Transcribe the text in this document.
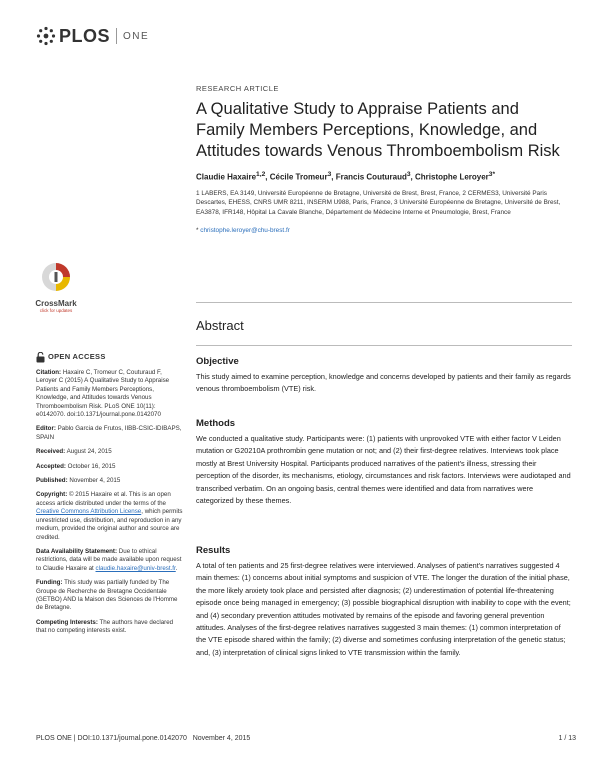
PLOS ONE
CrossMark
click for updates
OPEN ACCESS

Citation: Haxaire C, Tromeur C, Couturaud F, Leroyer C (2015) A Qualitative Study to Appraise Patients and Family Members Perceptions, Knowledge, and Attitudes towards Venous Thromboembolism Risk. PLoS ONE 10(11): e0142070. doi:10.1371/journal.pone.0142070

Editor: Pablo Garcia de Frutos, IIBB-CSIC-IDIBAPS, SPAIN

Received: August 24, 2015

Accepted: October 16, 2015

Published: November 4, 2015

Copyright: © 2015 Haxaire et al. This is an open access article distributed under the terms of the Creative Commons Attribution License, which permits unrestricted use, distribution, and reproduction in any medium, provided the original author and source are credited.

Data Availability Statement: Due to ethical restrictions, data will be made available upon request to Claudie Haxaire at claudie.haxaire@univ-brest.fr.

Funding: This study was partially funded by The Groupe de Recherche de Bretagne Occidentale (GETBO) AND la Maison des Sciences de l'Homme de Bretagne.

Competing Interests: The authors have declared that no competing interests exist.

RESEARCH ARTICLE
A Qualitative Study to Appraise Patients and Family Members Perceptions, Knowledge, and Attitudes towards Venous Thromboembolism Risk
Claudie Haxaire$^{1,2}$, Cécile Tromeur$^3$, Francis Couturaud$^3$, Christophe Leroyer$^{3*}$
1 LABERS, EA 3149, Université Européenne de Bretagne, Université de Brest, Brest, France, 2 CERMES3, Université Paris Descartes, EHESS, CNRS UMR 8211, INSERM U988, Paris, France, 3 Université Européenne de Bretagne, Université de Brest, EA3878, IFR148, Hôpital La Cavale Blanche, Département de Médecine Interne et Pneumologie, Brest, France
* christophe.leroyer@chu-brest.fr
Abstract
Objective

This study aimed to examine perception, knowledge and concerns developed by patients and their family as regards venous thromboembolism (VTE) risk.

Methods

We conducted a qualitative study. Participants were: (1) patients with unprovoked VTE with either factor V Leiden mutation or G20210A prothrombin gene mutation or not; and (2) their first-degree relatives. Interviews took place mostly at Brest University Hospital. Participants produced narratives of the patient's illness, stressing their perception of the disorder, its mechanisms, etiology, circumstances and risk factors. Interviews were audiotaped and transcribed verbatim. On an ongoing basis, central themes were identified and data from narratives were categorized by these themes.

Results

A total of ten patients and 25 first-degree relatives were interviewed. Analyses of patient's narratives suggested 4 main themes: (1) concerns about initial symptoms and suspicion of VTE. The longer the duration of the initial phase, the more likely anxiety took place and persisted after diagnosis; (2) underestimation of potential life-threatening episode once being managed in emergency; (3) possible biographical disruption with inability to cope with the event; and (4) secondary prevention attitudes motivated by remains of the episode and favoring general prevention attitudes. Analyses of the first-degree relatives narratives suggested 3 main themes: (1) common interpretation of the VTE episode shared within the family; (2) diverse and sometimes confusing interpretation of the genetic status; and, (3) interpretation of clinical signs linked to VTE transmission within the family.

PLOS ONE | DOI:10.1371/journal.pone.0142070   November 4, 2015	1 / 13
